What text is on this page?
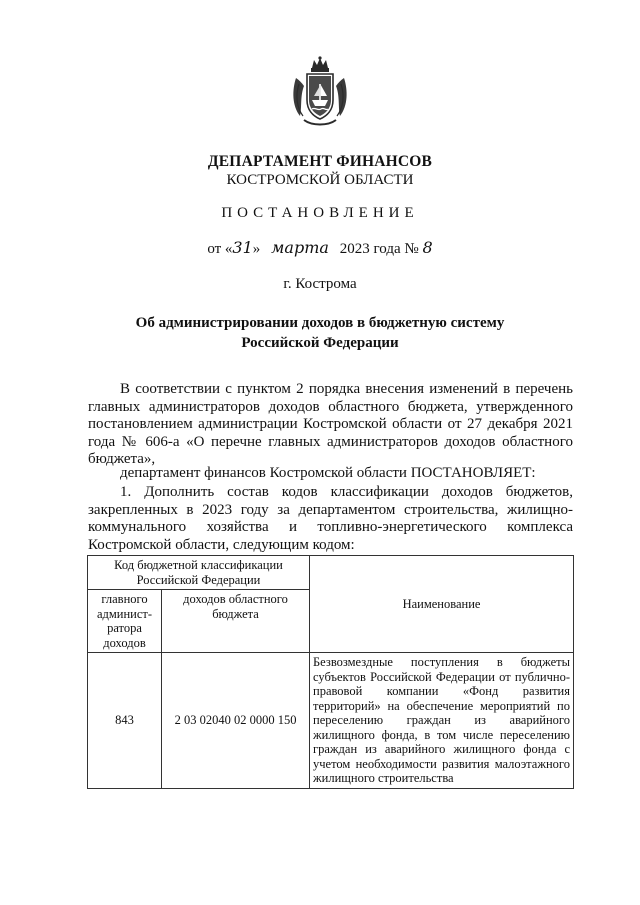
ДЕПАРТАМЕНТ ФИНАНСОВ
КОСТРОМСКОЙ ОБЛАСТИ
ПОСТАНОВЛЕНИЕ
от «31» марта 2023 года № 8
г. Кострома
Об администрировании доходов в бюджетную систему
Российской Федерации
В соответствии с пунктом 2 порядка внесения изменений в перечень главных администраторов доходов областного бюджета, утвержденного постановлением администрации Костромской области от 27 декабря 2021 года № 606-а «О перечне главных администраторов доходов областного бюджета»,
департамент финансов Костромской области ПОСТАНОВЛЯЕТ:
1. Дополнить состав кодов классификации доходов бюджетов, закрепленных в 2023 году за департаментом строительства, жилищно-коммунального хозяйства и топливно-энергетического комплекса Костромской области, следующим кодом:
Код бюджетной классификации Российской Федерации		Наименование
главного админист-ратора доходов	доходов областного бюджета	
843	2 03 02040 02 0000 150	Безвозмездные поступления в бюджеты субъектов Российской Федерации от публично-правовой компании «Фонд развития территорий» на обеспечение мероприятий по переселению граждан из аварийного жилищного фонда, в том числе переселению граждан из аварийного жилищного фонда с учетом необходимости развития малоэтажного жилищного строительства
